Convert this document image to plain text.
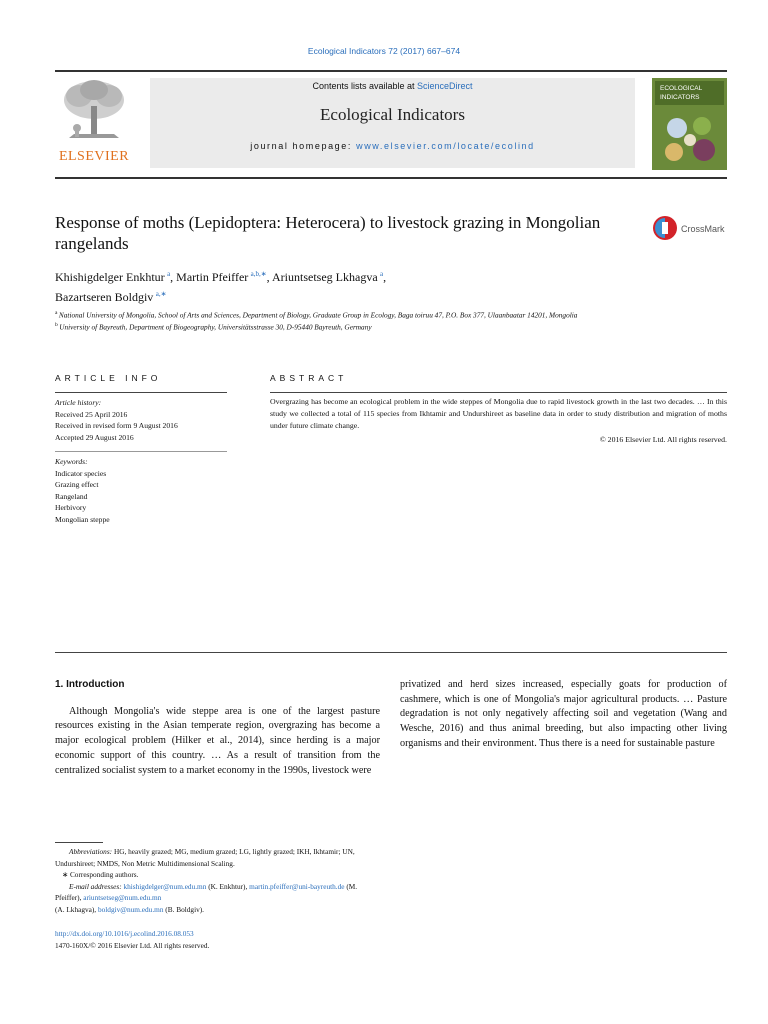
Ecological Indicators 72 (2017) 667–674
ELSEVIER
Contents lists available at ScienceDirect
Ecological Indicators
journal homepage: www.elsevier.com/locate/ecolind
ECOLOGICAL
INDICATORS
Response of moths (Lepidoptera: Heterocera) to livestock grazing in Mongolian rangelands
CrossMark
Khishigdelger Enkhtur  $^a$, Martin Pfeiffer  $^{a,b,∗}$, Ariuntsetseg Lkhagva  $^a$,
Bazartseren Boldgiv  $^{a,∗}$
$^a$ National University of Mongolia, School of Arts and Sciences, Department of Biology, Graduate Group in Ecology, Baga toiruu 47, P.O. Box 377, Ulaanbaatar 14201, Mongolia
$^b$ University of Bayreuth, Department of Biogeography, Universitätsstrasse 30, D-95440 Bayreuth, Germany
ARTICLE INFO	ABSTRACT
Article history:
Received 25 April 2016
Received in revised form 9 August 2016
Accepted 29 August 2016
Keywords:
Indicator species
Grazing effect
Rangeland
Herbivory
Mongolian steppe
Overgrazing has become an ecological problem in the wide steppes of Mongolia due to rapid livestock growth in the last two decades. … In this study we collected a total of 115 species from Ikhtamir and Undurshireet as baseline data in order to study distribution and migration of moths under future climate change.
© 2016 Elsevier Ltd. All rights reserved.
1. Introduction
Although Mongolia's wide steppe area is one of the largest pasture resources existing in the Asian temperate region, overgrazing has become a major ecological problem (Hilker et al., 2014), since herding is a major economic support of this country. … As a result of transition from the centralized socialist system to a market economy in the 1990s, livestock were
privatized and herd sizes increased, especially goats for production of cashmere, which is one of Mongolia's major agricultural products. … Pasture degradation is not only negatively affecting soil and vegetation (Wang and Wesche, 2016) and thus animal breeding, but also impacting other living organisms and their environment. Thus there is a need for sustainable pasture
Abbreviations: HG, heavily grazed; MG, medium grazed; LG, lightly grazed; IKH, Ikhtamir; UN, Undurshireet; NMDS, Non Metric Multidimensional Scaling.
∗ Corresponding authors.
E-mail addresses: khishigdelger@num.edu.mn (K. Enkhtur), martin.pfeiffer@uni-bayreuth.de (M. Pfeiffer), ariuntsetseg@num.edu.mn
(A. Lkhagva), boldgiv@num.edu.mn (B. Boldgiv).
http://dx.doi.org/10.1016/j.ecolind.2016.08.053
1470-160X/© 2016 Elsevier Ltd. All rights reserved.
